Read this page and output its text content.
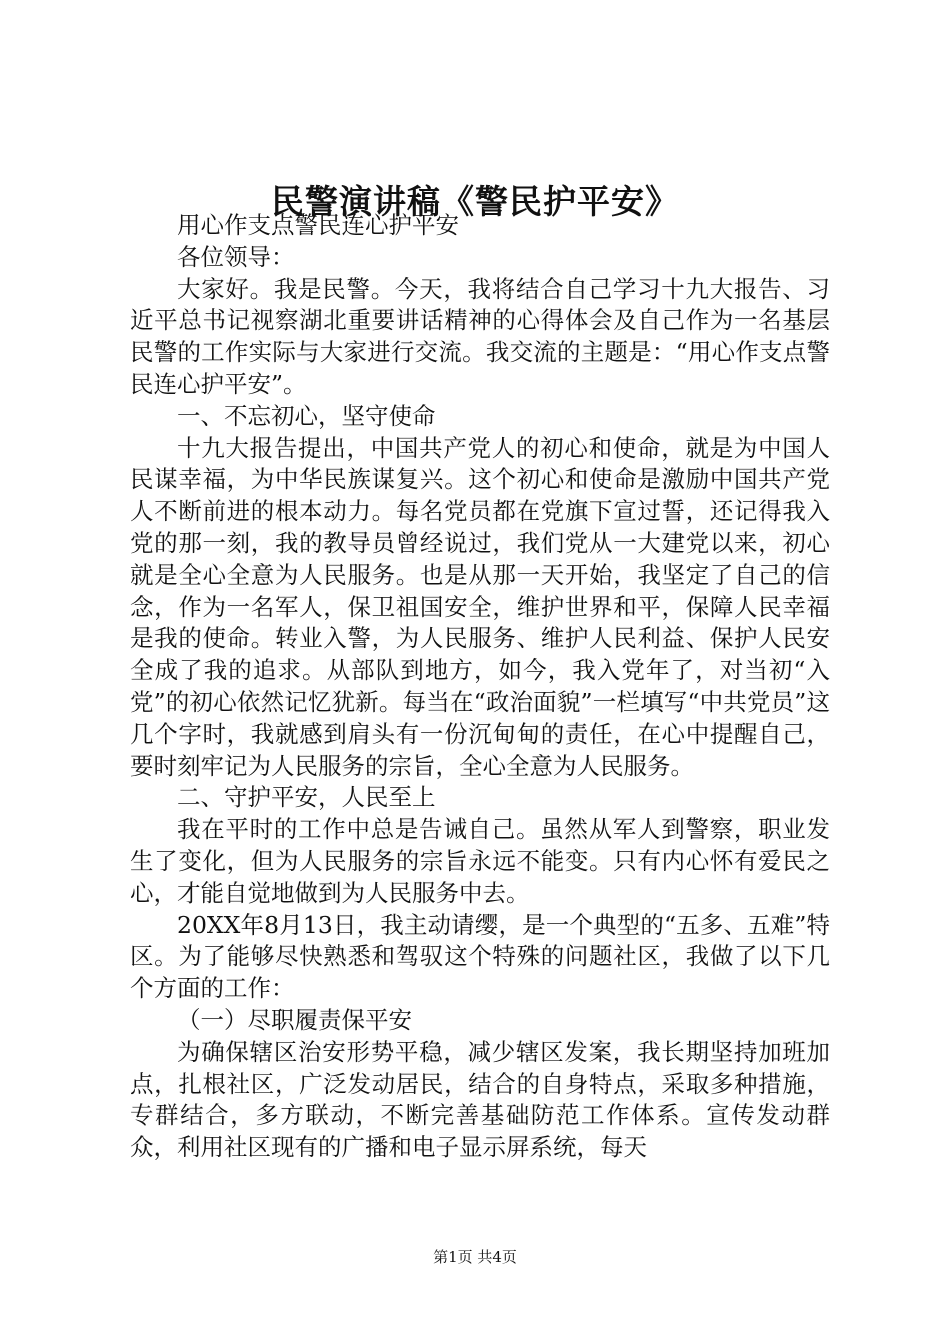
民警演讲稿《警民护平安》

用心作支点警民连心护平安

各位领导：

大家好。我是民警。今天，我将结合自己学习十九大报告、习近平总书记视察湖北重要讲话精神的心得体会及自己作为一名基层民警的工作实际与大家进行交流。我交流的主题是：“用心作支点警民连心护平安”。

一、不忘初心，坚守使命

十九大报告提出，中国共产党人的初心和使命，就是为中国人民谋幸福，为中华民族谋复兴。这个初心和使命是激励中国共产党人不断前进的根本动力。每名党员都在党旗下宣过誓，还记得我入党的那一刻，我的教导员曾经说过，我们党从一大建党以来，初心就是全心全意为人民服务。也是从那一天开始，我坚定了自己的信念，作为一名军人，保卫祖国安全，维护世界和平，保障人民幸福是我的使命。转业入警，为人民服务、维护人民利益、保护人民安全成了我的追求。从部队到地方，如今，我入党年了，对当初“入党”的初心依然记忆犹新。每当在“政治面貌”一栏填写“中共党员”这几个字时，我就感到肩头有一份沉甸甸的责任，在心中提醒自己，要时刻牢记为人民服务的宗旨，全心全意为人民服务。

二、守护平安，人民至上

我在平时的工作中总是告诫自己。虽然从军人到警察，职业发生了变化，但为人民服务的宗旨永远不能变。只有内心怀有爱民之心，才能自觉地做到为人民服务中去。

20XX年8月13日，我主动请缨，是一个典型的“五多、五难”特区。为了能够尽快熟悉和驾驭这个特殊的问题社区，我做了以下几个方面的工作：

（一）尽职履责保平安

为确保辖区治安形势平稳，减少辖区发案，我长期坚持加班加点，扎根社区，广泛发动居民，结合的自身特点，采取多种措施，专群结合，多方联动，不断完善基础防范工作体系。宣传发动群众，利用社区现有的广播和电子显示屏系统，每天

第1页 共4页
